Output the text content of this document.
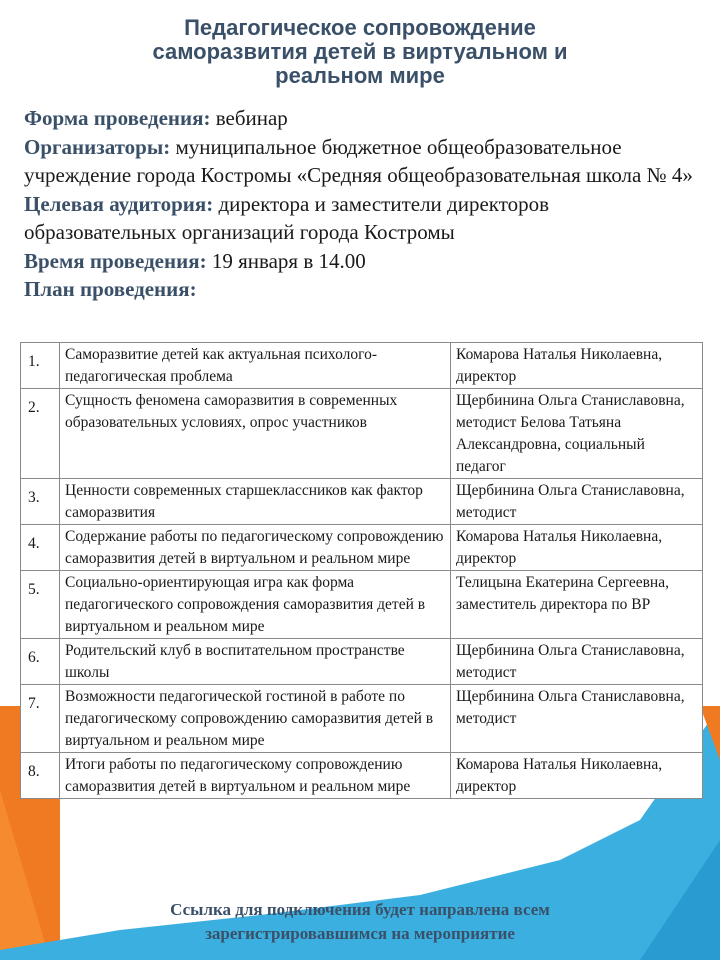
Педагогическое сопровождение
саморазвития детей в виртуальном и
реальном мире

Форма проведения: вебинар

Организаторы: муниципальное бюджетное общеобразовательное учреждение города Костромы «Средняя общеобразовательная школа № 4»

Целевая аудитория: директора и заместители директоров образовательных организаций города Костромы

Время проведения: 19 января в 14.00

План проведения:

1.	Саморазвитие детей как актуальная психолого-педагогическая проблема	Комарова Наталья Николаевна, директор
2.	Сущность феномена саморазвития в современных образовательных условиях, опрос участников	Щербинина Ольга Станиславовна, методист Белова Татьяна Александровна, социальный педагог
3.	Ценности современных старшеклассников как фактор саморазвития	Щербинина Ольга Станиславовна, методист
4.	Содержание работы по педагогическому сопровождению саморазвития детей в виртуальном и реальном мире	Комарова Наталья Николаевна, директор
5.	Социально-ориентирующая игра как форма педагогического сопровождения саморазвития детей в виртуальном и реальном мире	Телицына Екатерина Сергеевна, заместитель директора по ВР
6.	Родительский клуб в воспитательном пространстве школы	Щербинина Ольга Станиславовна, методист
7.	Возможности педагогической гостиной в работе по педагогическому сопровождению саморазвития детей в виртуальном и реальном мире	Щербинина Ольга Станиславовна, методист
8.	Итоги работы по педагогическому сопровождению саморазвития детей в виртуальном и реальном мире	Комарова Наталья Николаевна, директор
Ссылка для подключения будет направлена всем
зарегистрировавшимся на мероприятие
